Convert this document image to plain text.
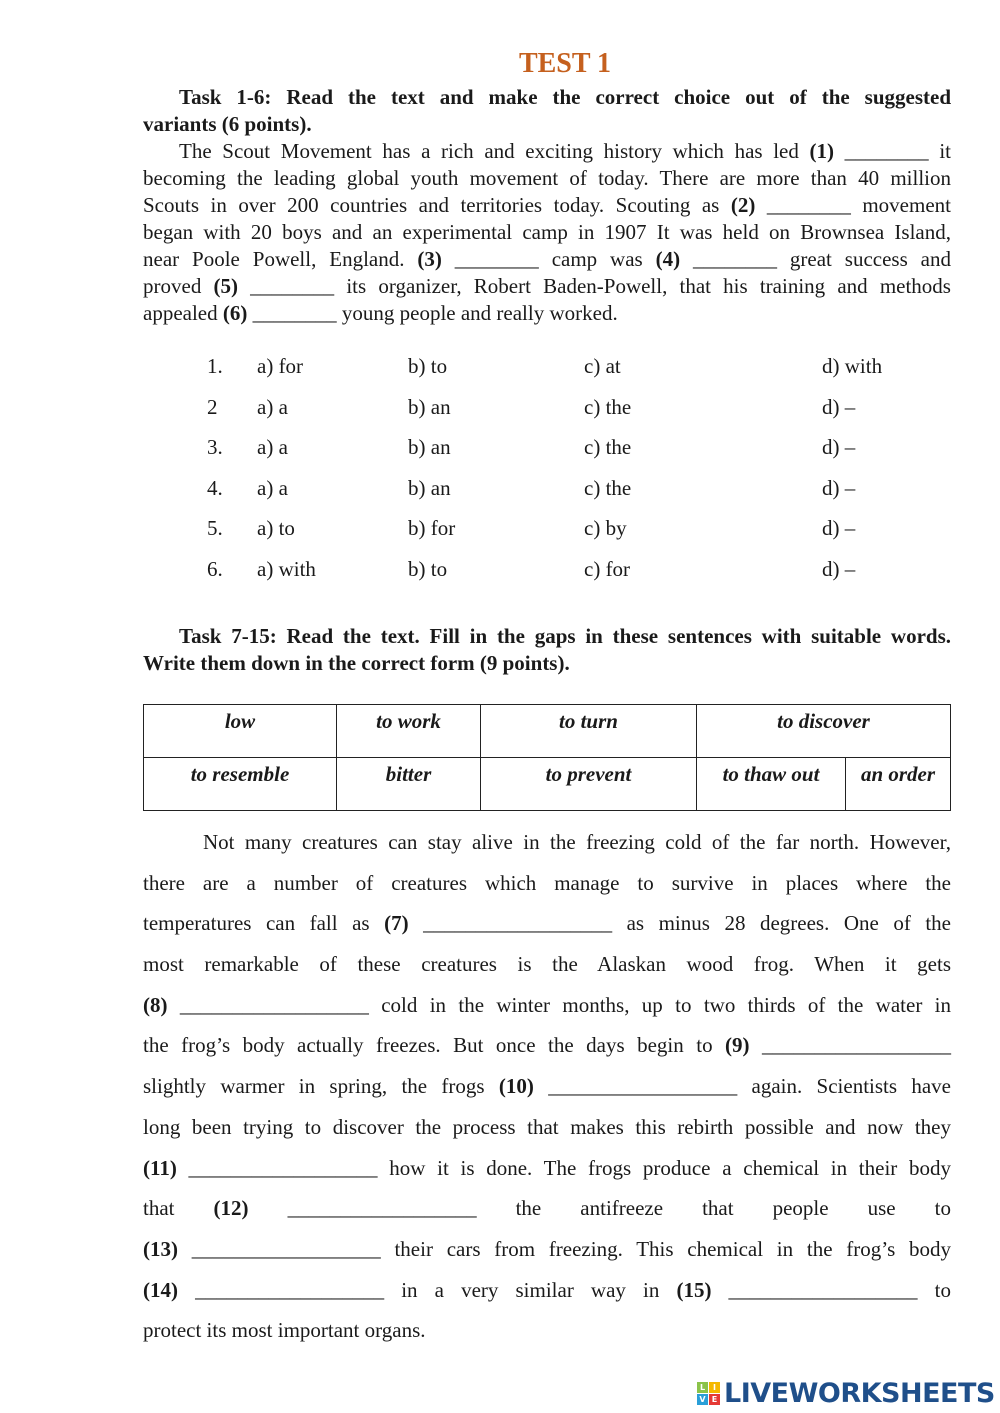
TEST 1
Task 1-6: Read the text and make the correct choice out of the suggested
variants (6 points).
The Scout Movement has a rich and exciting history which has led (1) ________ it
becoming the leading global youth movement of today. There are more than 40 million
Scouts in over 200 countries and territories today. Scouting as (2) ________ movement
began with 20 boys and an experimental camp in 1907 It was held on Brownsea Island,
near Poole Powell, England. (3) ________ camp was (4) ________ great success and
proved (5) ________ its organizer, Robert Baden-Powell, that his training and methods
appealed (6) ________ young people and really worked.
1. a) for	b) to	c) at	d) with
2 a) a	b) an	c) the	d) –
3. a) a	b) an	c) the	d) –
4. a) a	b) an	c) the	d) –
5. a) to	b) for	c) by	d) –
6. a) with	b) to	c) for	d) –
Task 7-15: Read the text. Fill in the gaps in these sentences with suitable words.
Write them down in the correct form (9 points).
low	to work	to turn	to discover	
to resemble	bitter	to prevent	to thaw out	an order
Not many creatures can stay alive in the freezing cold of the far north. However,
there are a number of creatures which manage to survive in places where the
temperatures can fall as (7) __________________ as minus 28 degrees. One of the
most remarkable of these creatures is the Alaskan wood frog. When it gets
(8) __________________ cold in the winter months, up to two thirds of the water in
the frog’s body actually freezes. But once the days begin to (9) __________________
slightly warmer in spring, the frogs (10) __________________ again. Scientists have
long been trying to discover the process that makes this rebirth possible and now they
(11) __________________ how it is done. The frogs produce a chemical in their body
that (12) __________________ the antifreeze that people use to
(13) __________________ their cars from freezing. This chemical in the frog’s body
(14) __________________ in a very similar way in (15) __________________ to
protect its most important organs.
L I
V E LIVEWORKSHEETS
